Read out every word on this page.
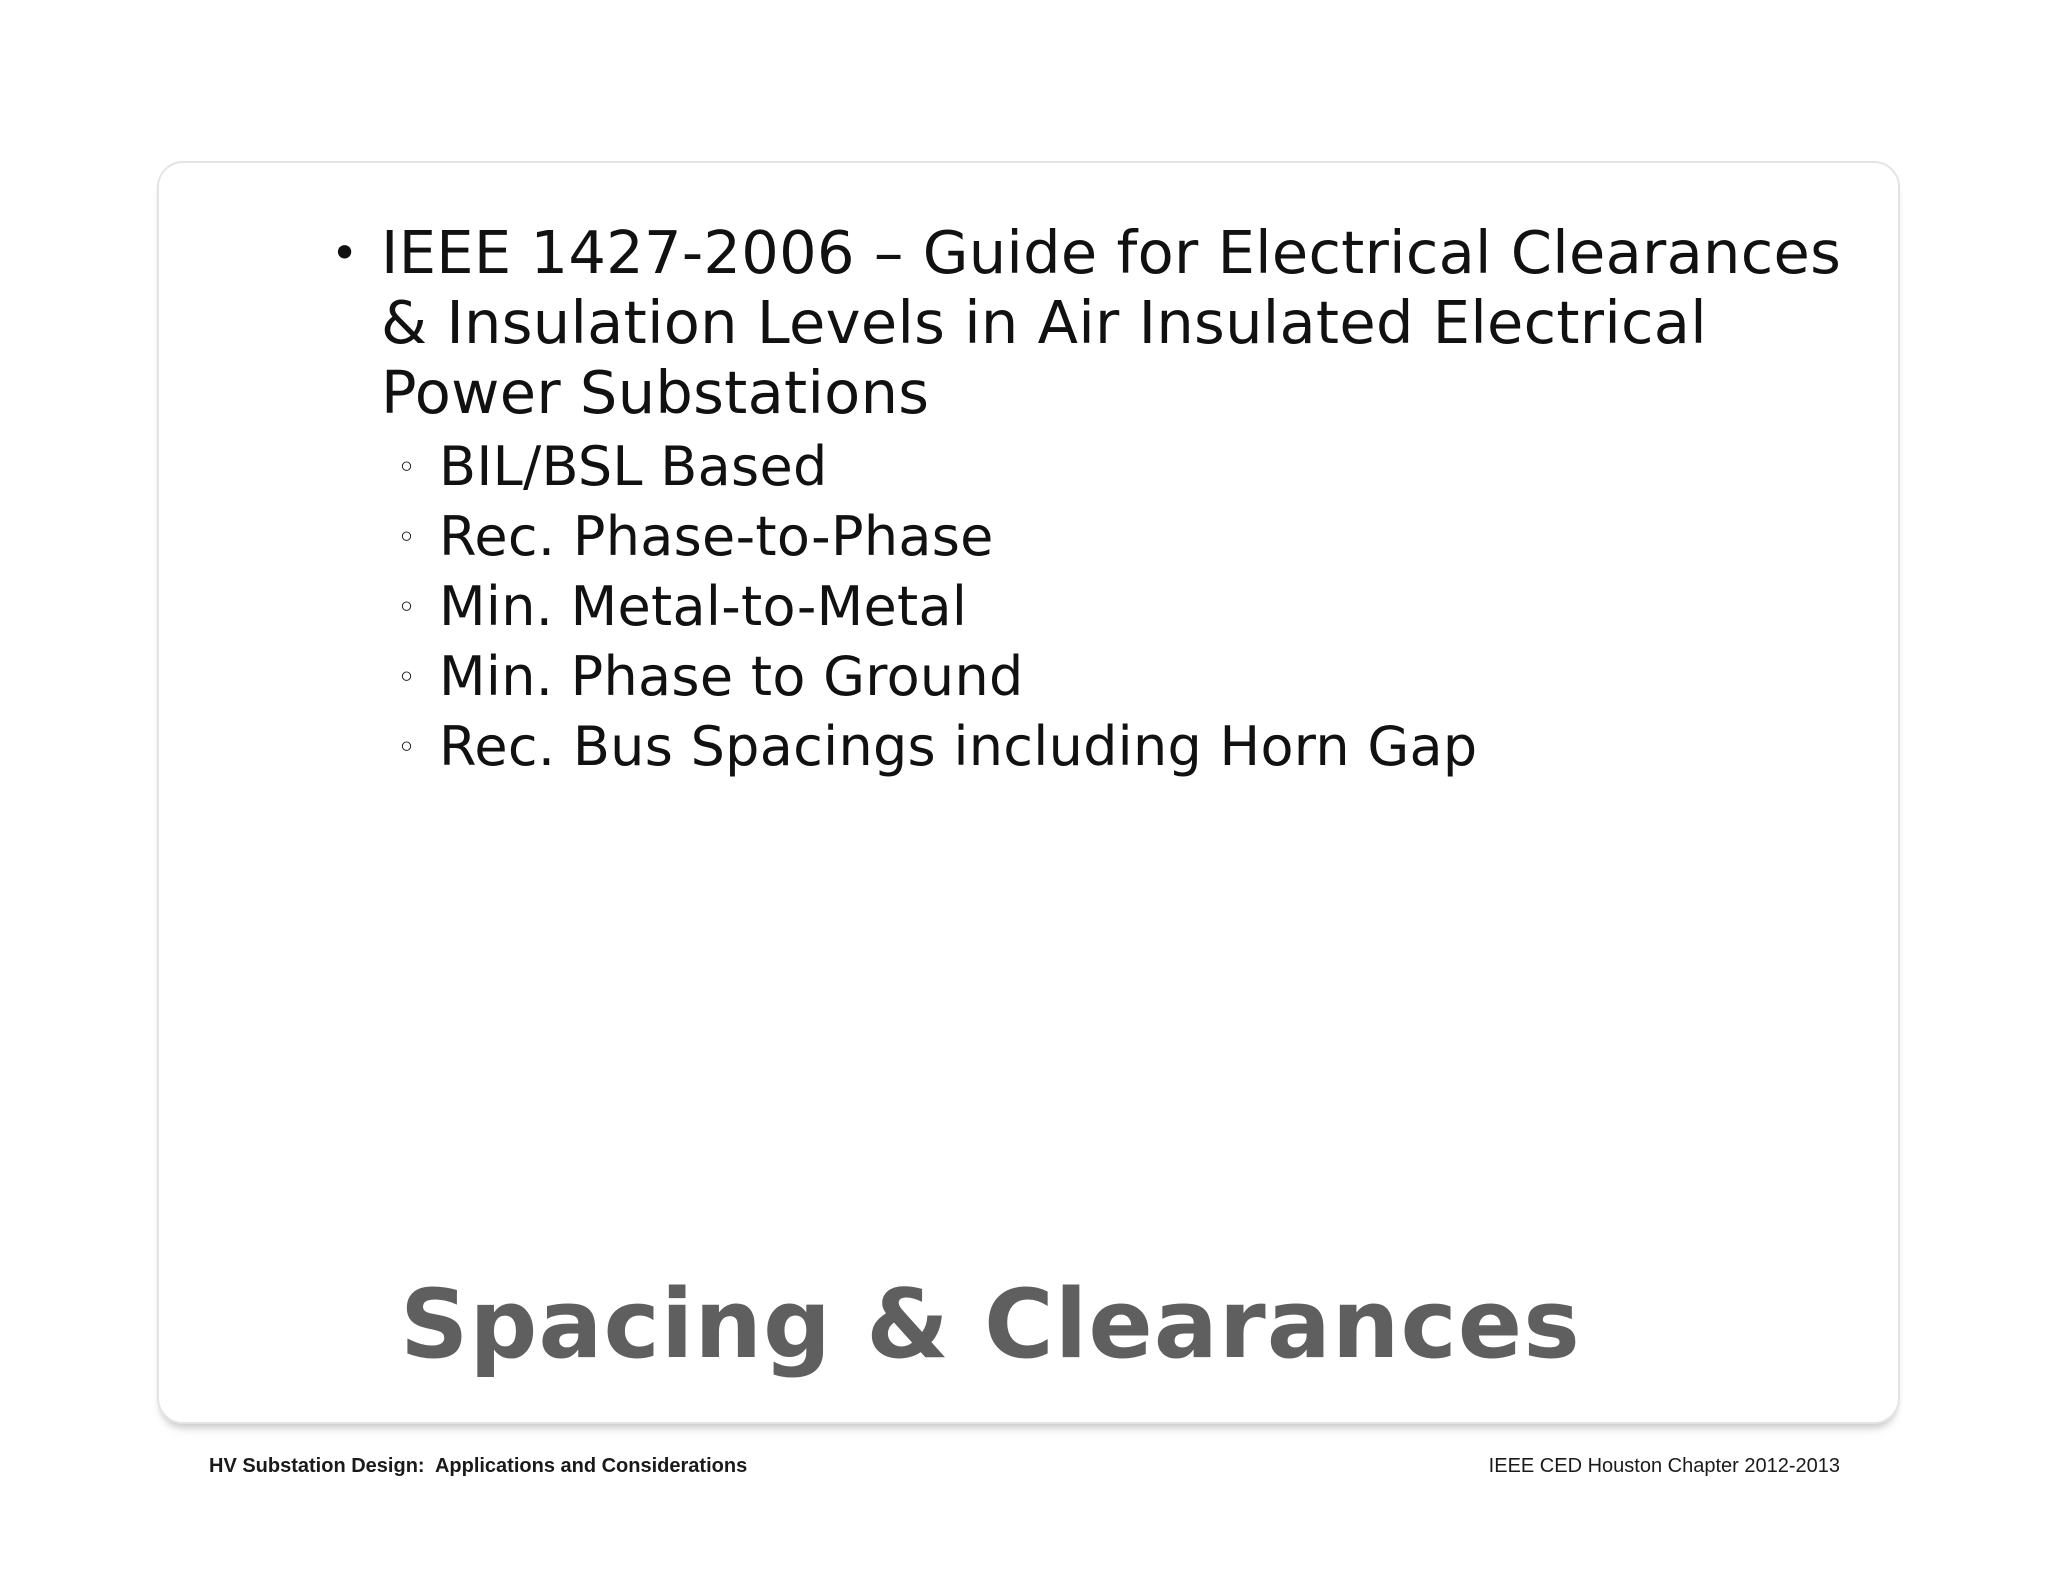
• IEEE 1427-2006 – Guide for Electrical Clearances & Insulation Levels in Air Insulated Electrical Power Substations
◦ BIL/BSL Based
◦ Rec. Phase-to-Phase
◦ Min. Metal-to-Metal
◦ Min. Phase to Ground
◦ Rec. Bus Spacings including Horn Gap
Spacing & Clearances
HV Substation Design:  Applications and Considerations	IEEE CED Houston Chapter 2012-2013
